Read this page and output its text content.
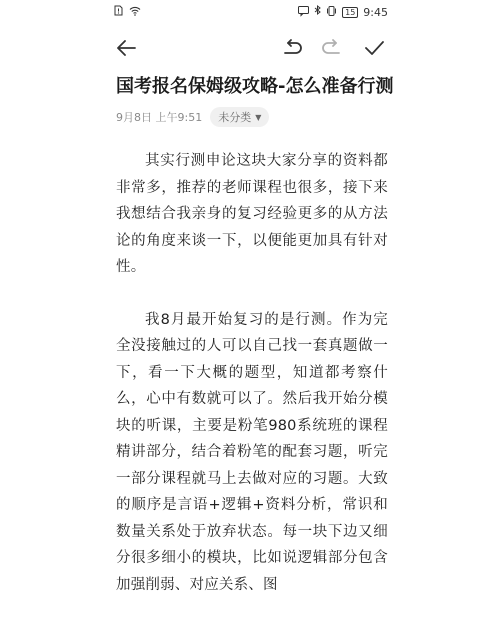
15 9:45
国考报名保姆级攻略-怎么准备行测
9月8日 上午9:51 未分类 ▼

其实行测申论这块大家分享的资料都非常多，推荐的老师课程也很多，接下来我想结合我亲身的复习经验更多的从方法论的角度来谈一下，以便能更加具有针对性。

我8月最开始复习的是行测。作为完全没接触过的人可以自己找一套真题做一下，看一下大概的题型，知道都考察什么，心中有数就可以了。然后我开始分模块的听课，主要是粉笔980系统班的课程精讲部分，结合着粉笔的配套习题，听完一部分课程就马上去做对应的习题。大致的顺序是言语+逻辑+资料分析，常识和数量关系处于放弃状态。每一块下边又细分很多细小的模块，比如说逻辑部分包含加强削弱、对应关系、图
